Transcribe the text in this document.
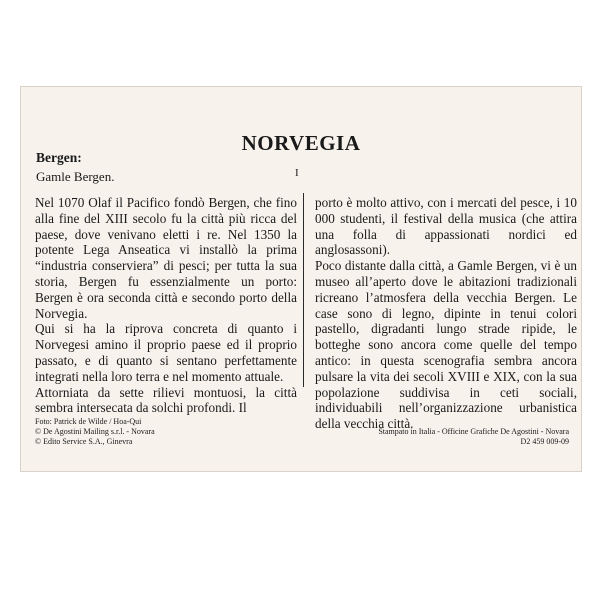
NORVEGIA
Bergen:
Gamle Bergen.	I

Nel 1070 Olaf il Pacifico fondò Bergen, che fino alla fine del XIII secolo fu la città più ricca del paese, dove venivano eletti i re. Nel 1350 la potente Lega Anseatica vi installò la prima “industria conserviera” di pesci; per tutta la sua storia, Bergen fu essenzialmente un porto: Bergen è ora seconda città e secondo porto della Norvegia.

Qui si ha la riprova concreta di quanto i Norvegesi amino il proprio paese ed il proprio passato, e di quanto si sentano perfettamente integrati nella loro terra e nel momento attuale.

Attorniata da sette rilievi montuosi, la città sembra intersecata da solchi profondi. Il

porto è molto attivo, con i mercati del pesce, i 10 000 studenti, il festival della musica (che attira una folla di appassionati nordici ed anglosassoni).

Poco distante dalla città, a Gamle Bergen, vi è un museo all’aperto dove le abitazioni tradizionali ricreano l’atmosfera della vecchia Bergen. Le case sono di legno, dipinte in tenui colori pastello, digradanti lungo strade ripide, le botteghe sono ancora come quelle del tempo antico: in questa scenografia sembra ancora pulsare la vita dei secoli XVIII e XIX, con la sua popolazione suddivisa in ceti sociali, individuabili nell’organizzazione urbanistica della vecchia città.

Foto: Patrick de Wilde / Hoa-Qui
© De Agostini Mailing s.r.l. - Novara
© Edito Service S.A., Ginevra
Stampato in Italia - Officine Grafiche De Agostini - Novara
D2 459 009-09
